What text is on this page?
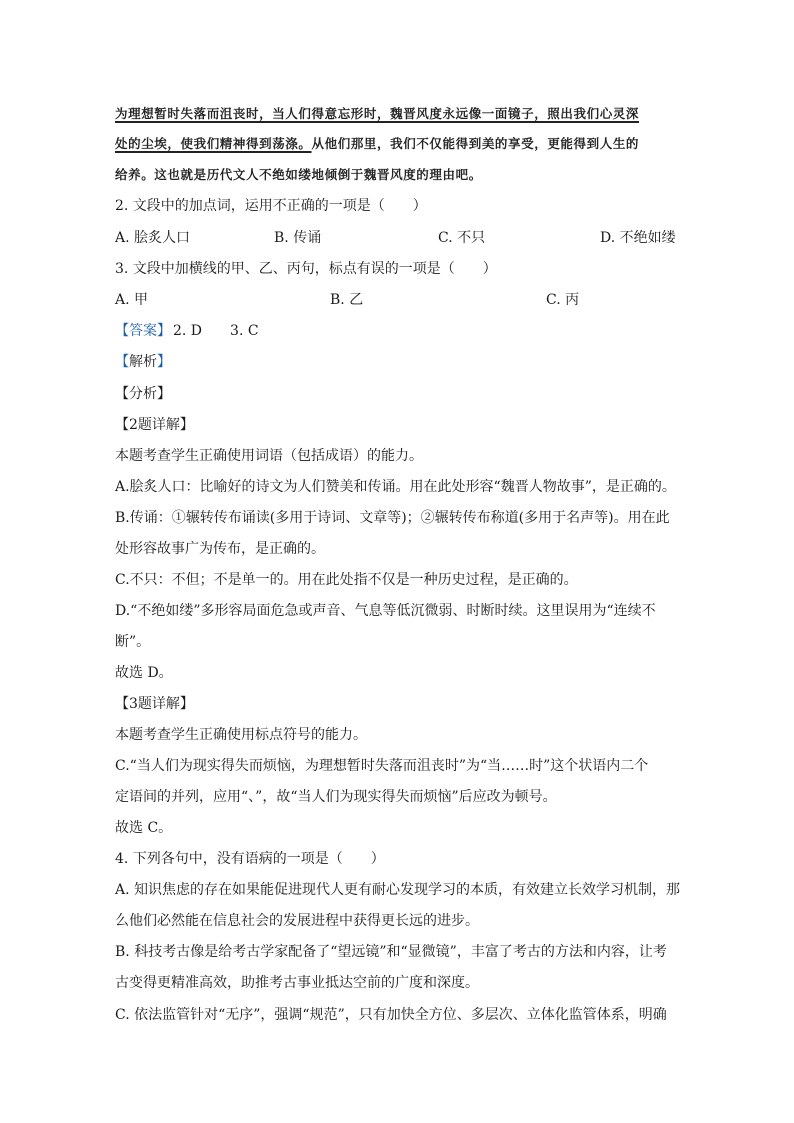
为理想暂时失落而沮丧时，当人们得意忘形时，魏晋风度永远像一面镜子，照出我们心灵深
处的尘埃，使我们精神得到荡涤。从他们那里，我们不仅能得到美的享受，更能得到人生的
给养。这也就是历代文人不绝如缕地倾倒于魏晋风度的理由吧。
2. 文段中的加点词，运用不正确的一项是（　　）
A. 脍炙人口	B. 传诵	C. 不只	D. 不绝如缕
3. 文段中加横线的甲、乙、丙句，标点有误的一项是（　　）
A. 甲	B. 乙	C. 丙
【答案】 2. D　　3. C
【解析】
【分析】
【2题详解】
本题考查学生正确使用词语（包括成语）的能力。
A.脍炙人口：比喻好的诗文为人们赞美和传诵。用在此处形容“魏晋人物故事”，是正确的。
B.传诵：①辗转传布诵读(多用于诗词、文章等)；②辗转传布称道(多用于名声等)。用在此
处形容故事广为传布，是正确的。
C.不只：不但；不是单一的。用在此处指不仅是一种历史过程，是正确的。
D.“不绝如缕”多形容局面危急或声音、气息等低沉微弱、时断时续。这里误用为“连续不
断”。
故选 D。
【3题详解】
本题考查学生正确使用标点符号的能力。
C.“当人们为现实得失而烦恼，为理想暂时失落而沮丧时”为“当……时”这个状语内二个
定语间的并列，应用“、”，故“当人们为现实得失而烦恼”后应改为顿号。
故选 C。
4. 下列各句中，没有语病的一项是（　　）
A. 知识焦虑的存在如果能促进现代人更有耐心发现学习的本质，有效建立长效学习机制，那
么他们必然能在信息社会的发展进程中获得更长远的进步。
B. 科技考古像是给考古学家配备了“望远镜”和“显微镜”，丰富了考古的方法和内容，让考
古变得更精准高效，助推考古事业抵达空前的广度和深度。
C. 依法监管针对“无序”，强调“规范”，只有加快全方位、多层次、立体化监管体系，明确
